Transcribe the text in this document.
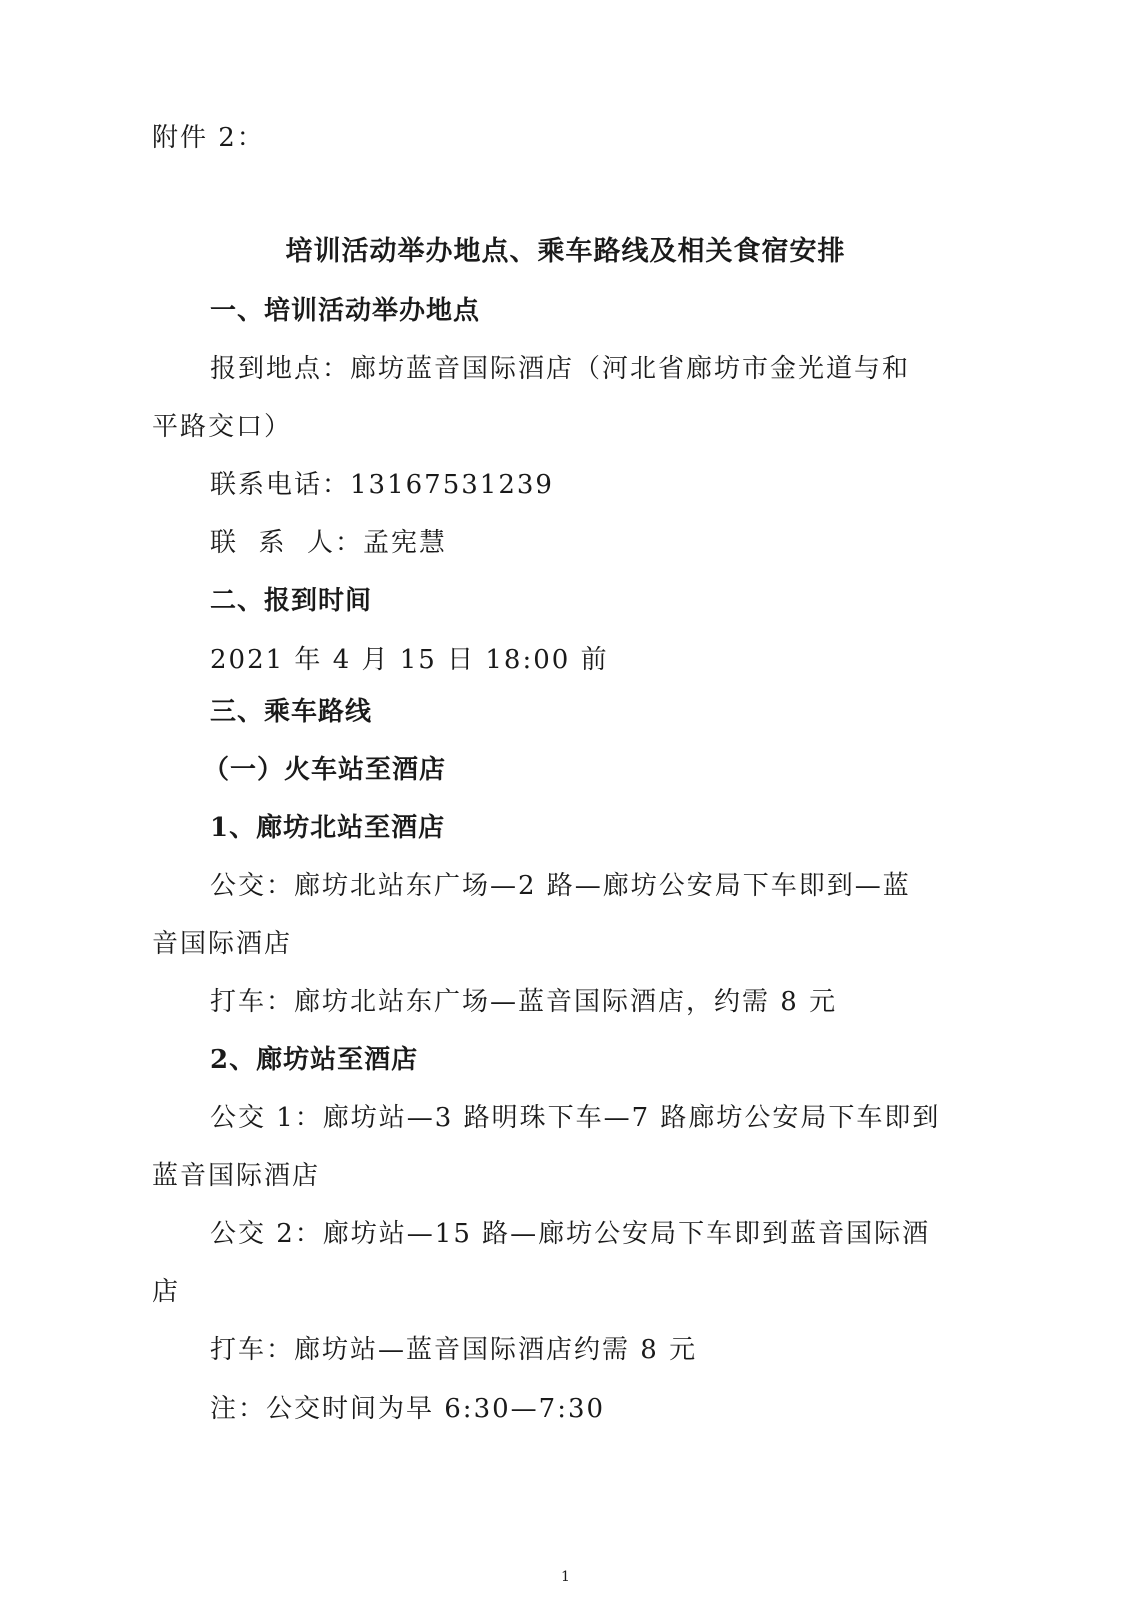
附件 2：
培训活动举办地点、乘车路线及相关食宿安排
一、培训活动举办地点
报到地点：廊坊蓝音国际酒店（河北省廊坊市金光道与和
平路交口）
联系电话：13167531239
联  系  人：孟宪慧
二、报到时间
2021 年 4 月 15 日 18:00 前
三、乘车路线
（一）火车站至酒店
1、廊坊北站至酒店
公交：廊坊北站东广场—2 路—廊坊公安局下车即到—蓝
音国际酒店
打车：廊坊北站东广场—蓝音国际酒店，约需 8 元
2、廊坊站至酒店
公交 1：廊坊站—3 路明珠下车—7 路廊坊公安局下车即到
蓝音国际酒店
公交 2：廊坊站—15 路—廊坊公安局下车即到蓝音国际酒
店
打车：廊坊站—蓝音国际酒店约需 8 元
注：公交时间为早 6:30—7:30
1
